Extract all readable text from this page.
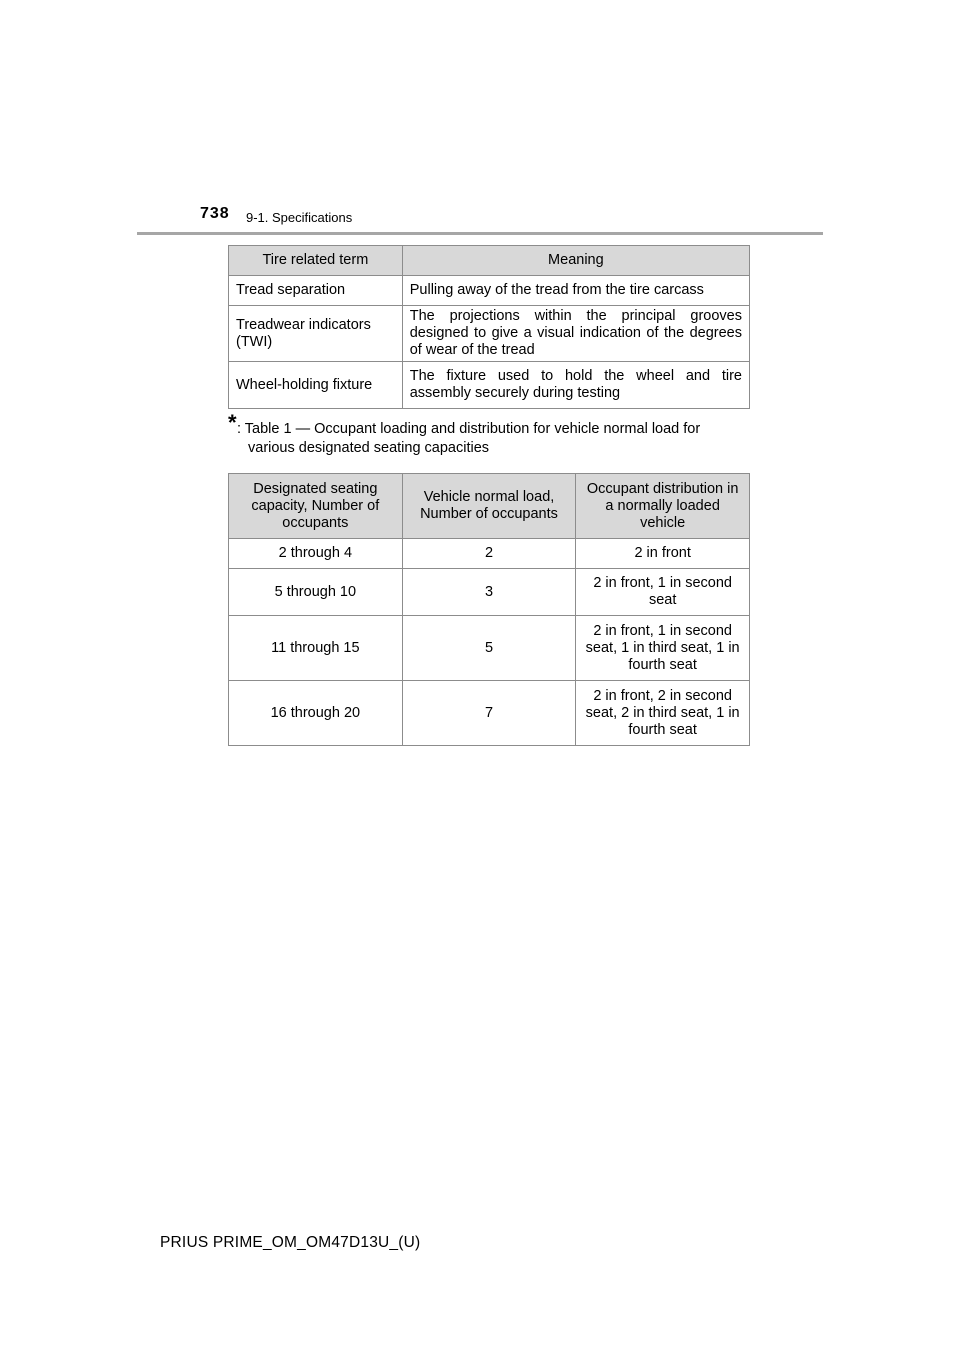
738 9-1. Specifications
Tire related term	Meaning
Tread separation	Pulling away of the tread from the tire carcass
Treadwear indicators (TWI)	The projections within the principal grooves designed to give a visual indication of the degrees of wear of the tread
Wheel-holding fixture	The fixture used to hold the wheel and tire assembly securely during testing
* : Table 1 — Occupant loading and distribution for vehicle normal load for
various designated seating capacities
Designated seating capacity, Number of occupants	Vehicle normal load, Number of occupants	Occupant distribution in a normally loaded vehicle
2 through 4	2	2 in front
5 through 10	3	2 in front, 1 in second seat
11 through 15	5	2 in front, 1 in second seat, 1 in third seat, 1 in fourth seat
16 through 20	7	2 in front, 2 in second seat, 2 in third seat, 1 in fourth seat
PRIUS PRIME_OM_OM47D13U_(U)
